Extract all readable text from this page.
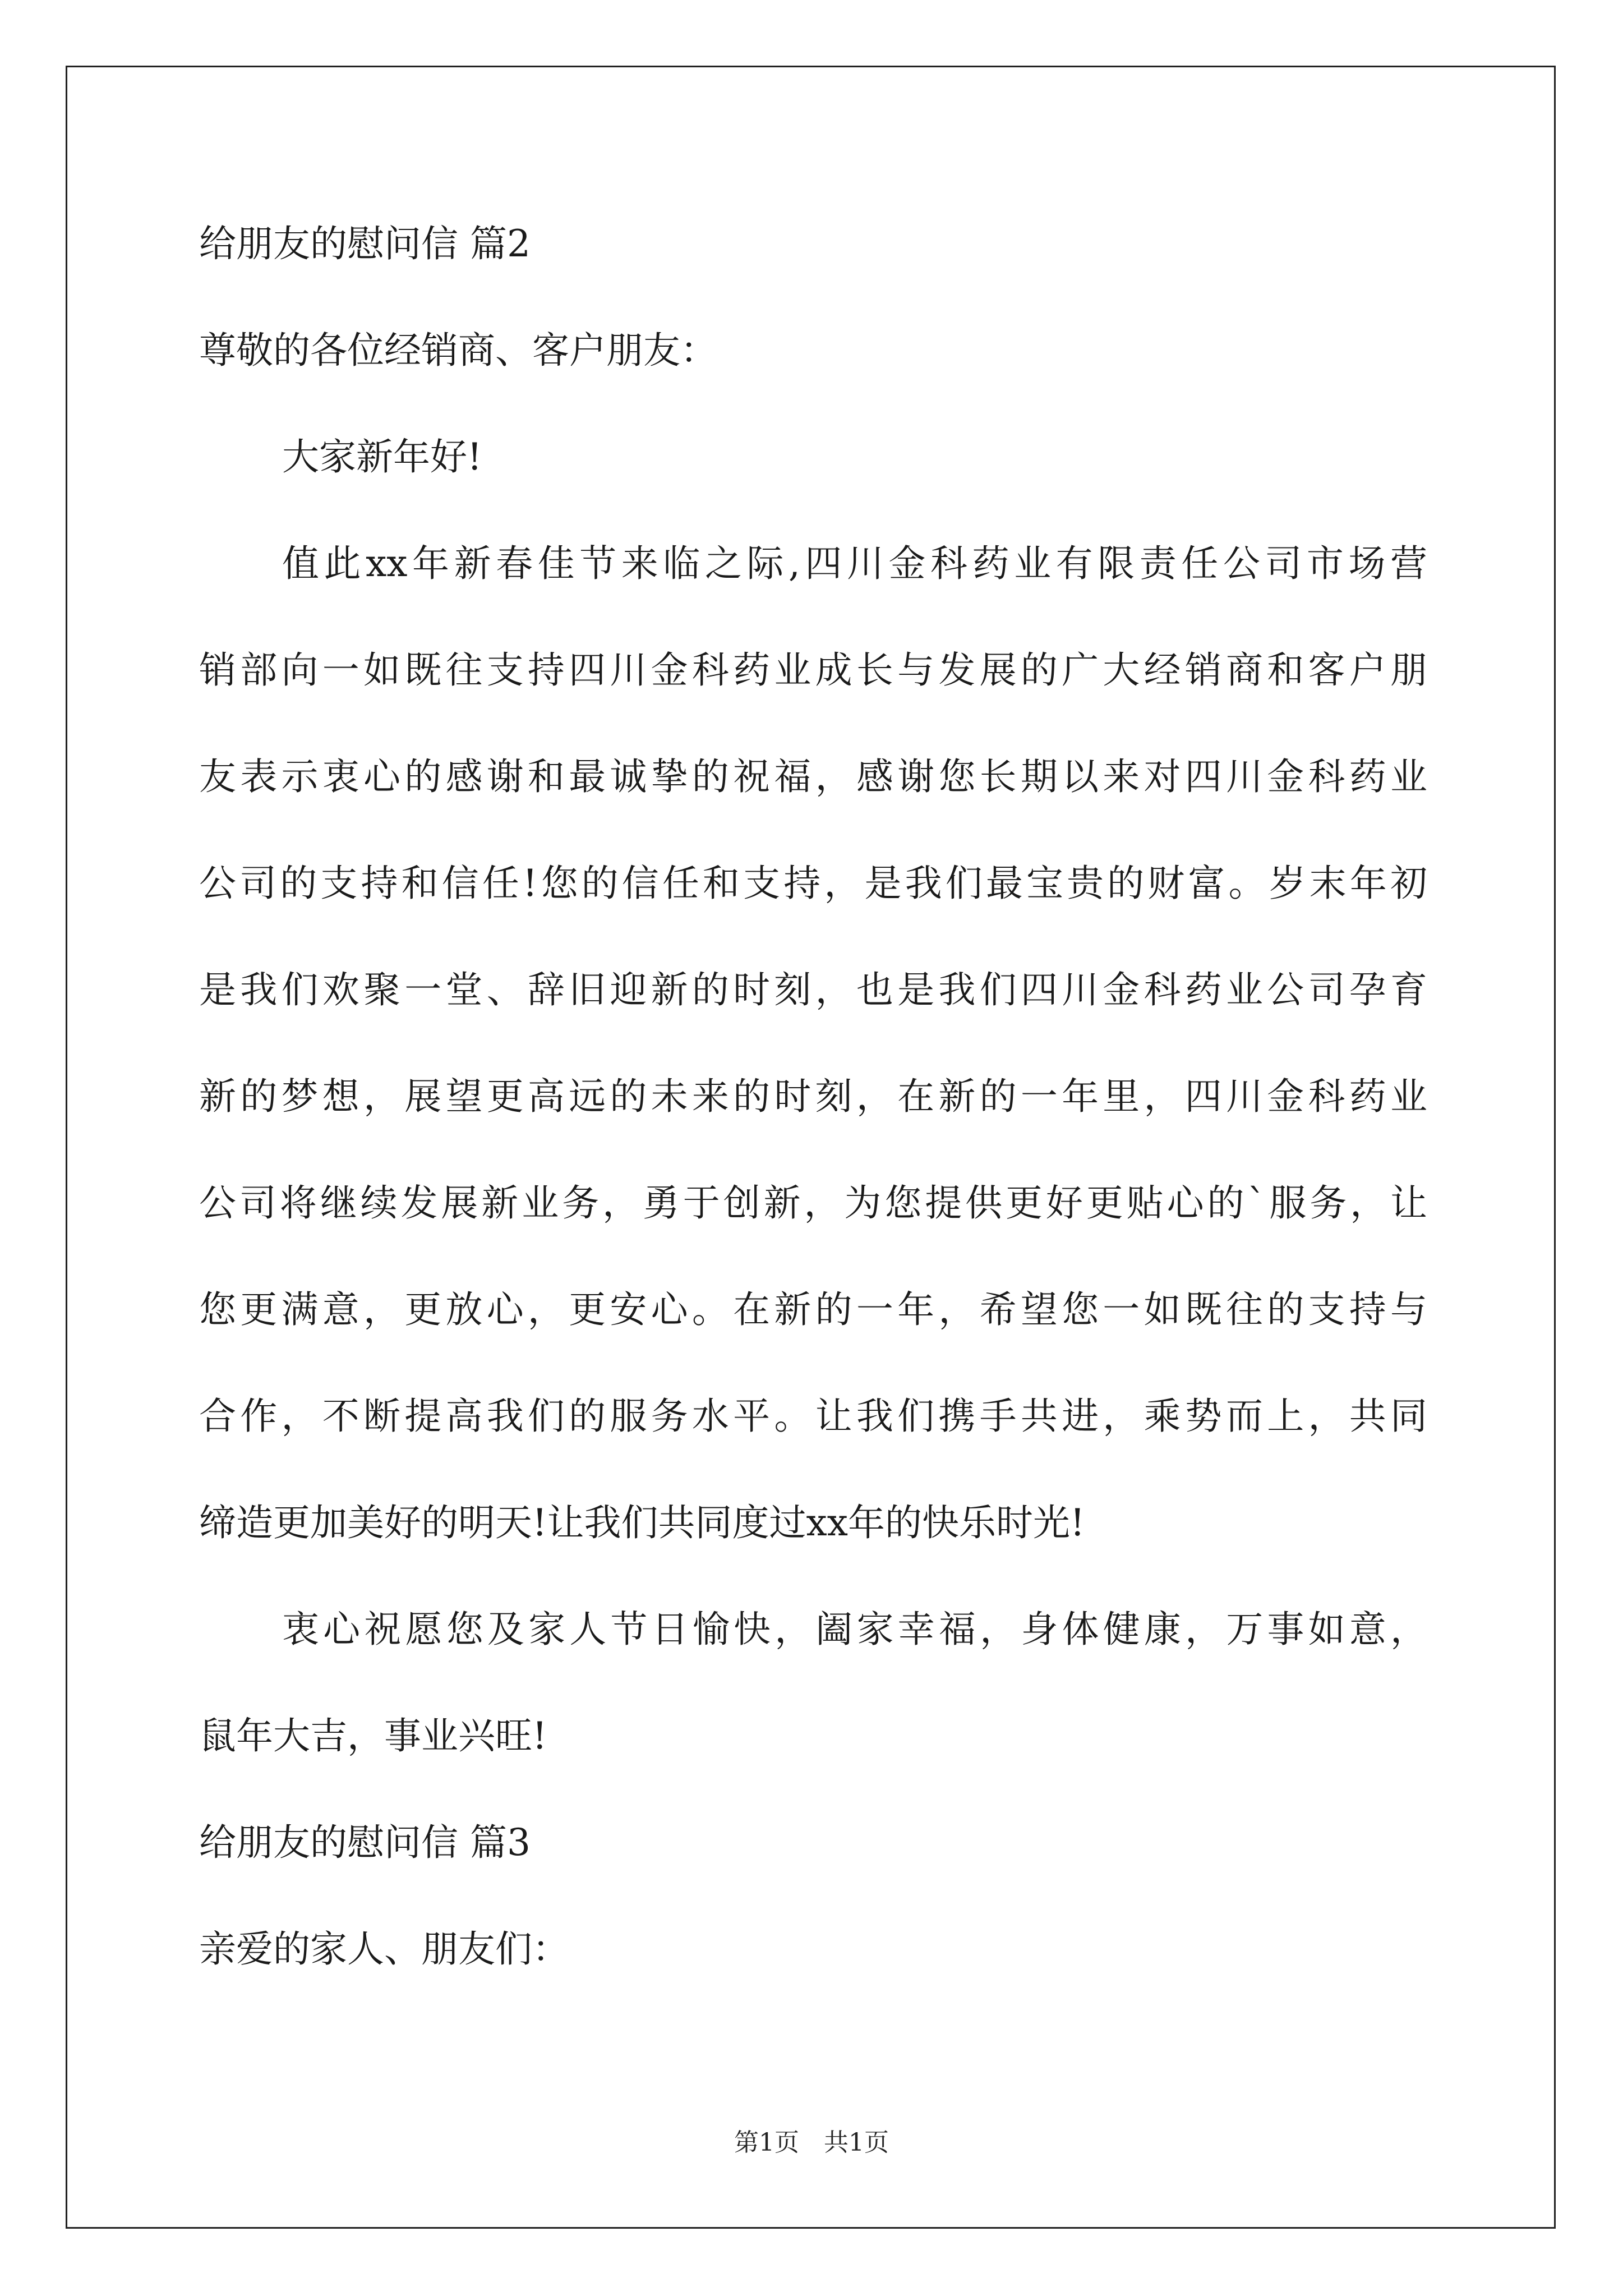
给朋友的慰问信 篇2
尊敬的各位经销商、客户朋友：
大家新年好!
值此xx年新春佳节来临之际,四川金科药业有限责任公司市场营
销部向一如既往支持四川金科药业成长与发展的广大经销商和客户朋
友表示衷心的感谢和最诚挚的祝福，感谢您长期以来对四川金科药业
公司的支持和信任!您的信任和支持，是我们最宝贵的财富。岁末年初
是我们欢聚一堂、辞旧迎新的时刻，也是我们四川金科药业公司孕育
新的梦想，展望更高远的未来的时刻，在新的一年里，四川金科药业
公司将继续发展新业务，勇于创新，为您提供更好更贴心的`服务，让
您更满意，更放心，更安心。在新的一年，希望您一如既往的支持与
合作，不断提高我们的服务水平。让我们携手共进，乘势而上，共同
缔造更加美好的明天!让我们共同度过xx年的快乐时光!
衷心祝愿您及家人节日愉快，阖家幸福，身体健康，万事如意，
鼠年大吉，事业兴旺!
给朋友的慰问信 篇3
亲爱的家人、朋友们：
第1页　共1页
